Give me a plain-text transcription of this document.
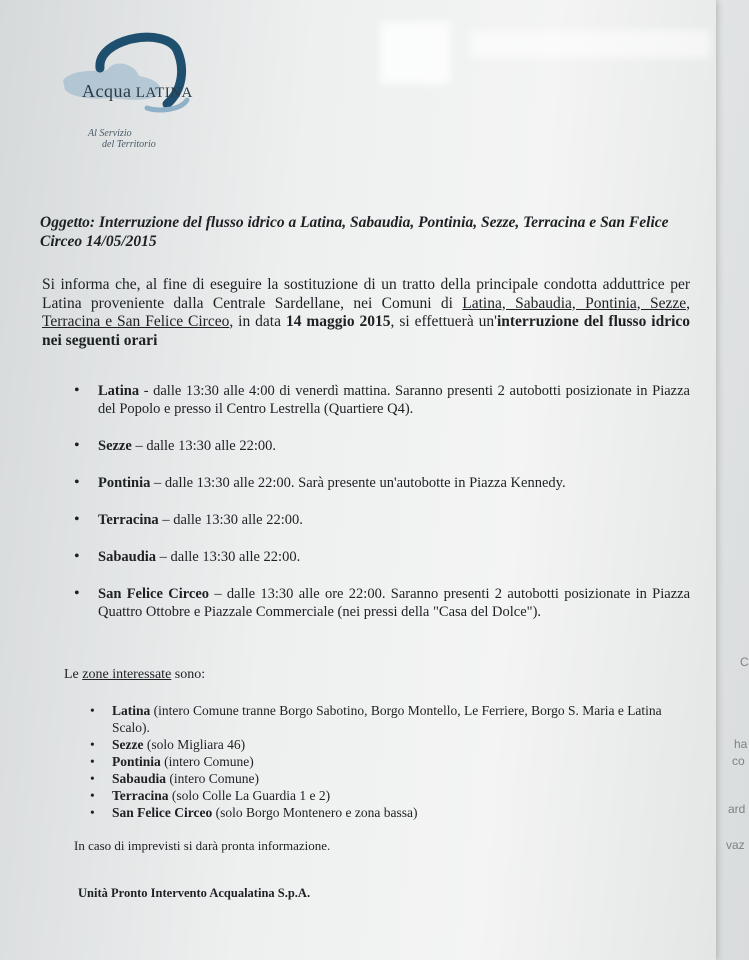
Acqua LATINA
Al Servizio
del Territorio
Oggetto: Interruzione del flusso idrico a Latina, Sabaudia, Pontinia, Sezze, Terracina e San Felice Circeo 14/05/2015
Si informa che, al fine di eseguire la sostituzione di un tratto della principale condotta adduttrice per Latina proveniente dalla Centrale Sardellane, nei Comuni di Latina, Sabaudia, Pontinia, Sezze, Terracina e San Felice Circeo, in data 14 maggio 2015, si effettuerà un'interruzione del flusso idrico nei seguenti orari
• Latina - dalle 13:30 alle 4:00 di venerdì mattina. Saranno presenti 2 autobotti posizionate in Piazza del Popolo e presso il Centro Lestrella (Quartiere Q4).
• Sezze – dalle 13:30 alle 22:00.
• Pontinia – dalle 13:30 alle 22:00. Sarà presente un'autobotte in Piazza Kennedy.
• Terracina – dalle 13:30 alle 22:00.
• Sabaudia – dalle 13:30 alle 22:00.
• San Felice Circeo – dalle 13:30 alle ore 22:00. Saranno presenti 2 autobotti posizionate in Piazza Quattro Ottobre e Piazzale Commerciale (nei pressi della "Casa del Dolce").
Le zone interessate sono:
• Latina (intero Comune tranne Borgo Sabotino, Borgo Montello, Le Ferriere, Borgo S. Maria e Latina Scalo).
• Sezze (solo Migliara 46)
• Pontinia (intero Comune)
• Sabaudia (intero Comune)
• Terracina (solo Colle La Guardia 1 e 2)
• San Felice Circeo (solo Borgo Montenero e zona bassa)
In caso di imprevisti si darà pronta informazione.
Unità Pronto Intervento Acqualatina S.p.A.
C
ha
co
ard
vaz
